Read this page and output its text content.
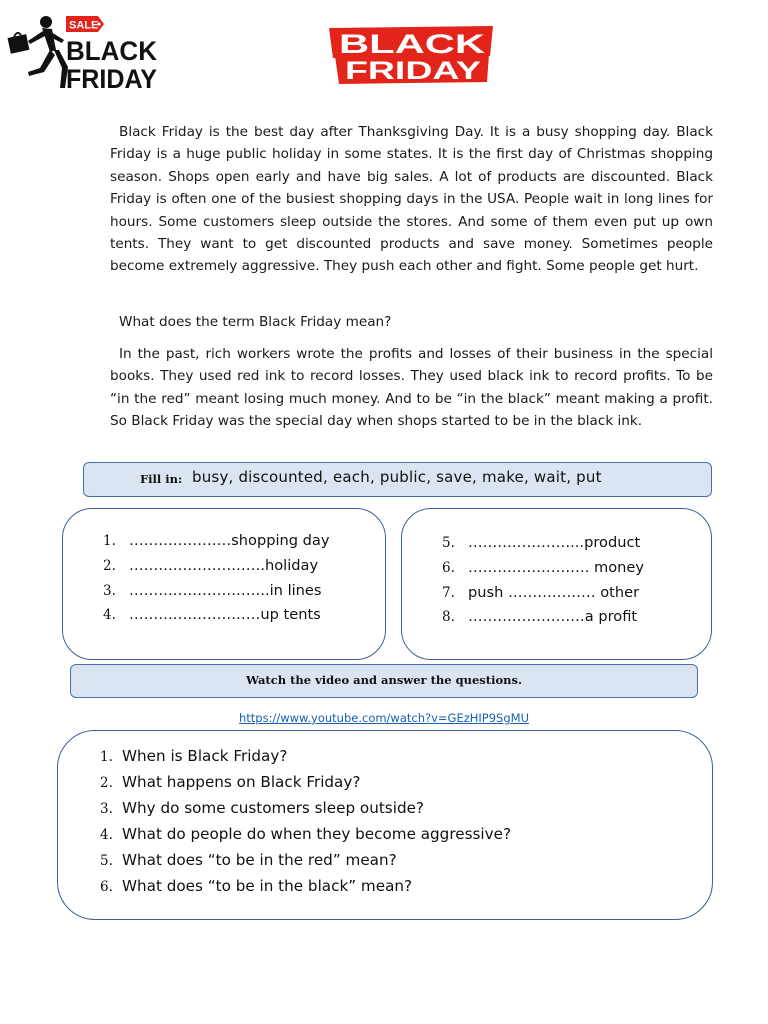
SALE
BLACK
FRIDAY
BLACK
FRIDAY

Black Friday is the best day after Thanksgiving Day. It is a busy shopping day. Black Friday is a huge public holiday in some states. It is the first day of Christmas shopping season. Shops open early and have big sales. A lot of products are discounted. Black Friday is often one of the busiest shopping days in the USA. People wait in long lines for hours. Some customers sleep outside the stores. And some of them even put up own tents. They want to get discounted products and save money. Sometimes people become extremely aggressive. They push each other and fight. Some people get hurt.

What does the term Black Friday mean?

In the past, rich workers wrote the profits and losses of their business in the special books. They used red ink to record losses. They used black ink to record profits. To be “in the red” meant losing much money. And to be “in the black” meant making a profit. So Black Friday was the special day when shops started to be in the black ink.

Fill in: busy, discounted, each, public, save, make, wait, put
1. …………………shopping day
2. ……………………….holiday
3. ………………………..in lines
4. ………………………up tents
5. …………………...product
6. ……………………. money
7. push ……………… other
8. ……………………a profit
Watch the video and answer the questions.
https://www.youtube.com/watch?v=GEzHIP9SgMU
1. When is Black Friday?
2. What happens on Black Friday?
3. Why do some customers sleep outside?
4. What do people do when they become aggressive?
5. What does “to be in the red” mean?
6. What does “to be in the black” mean?
